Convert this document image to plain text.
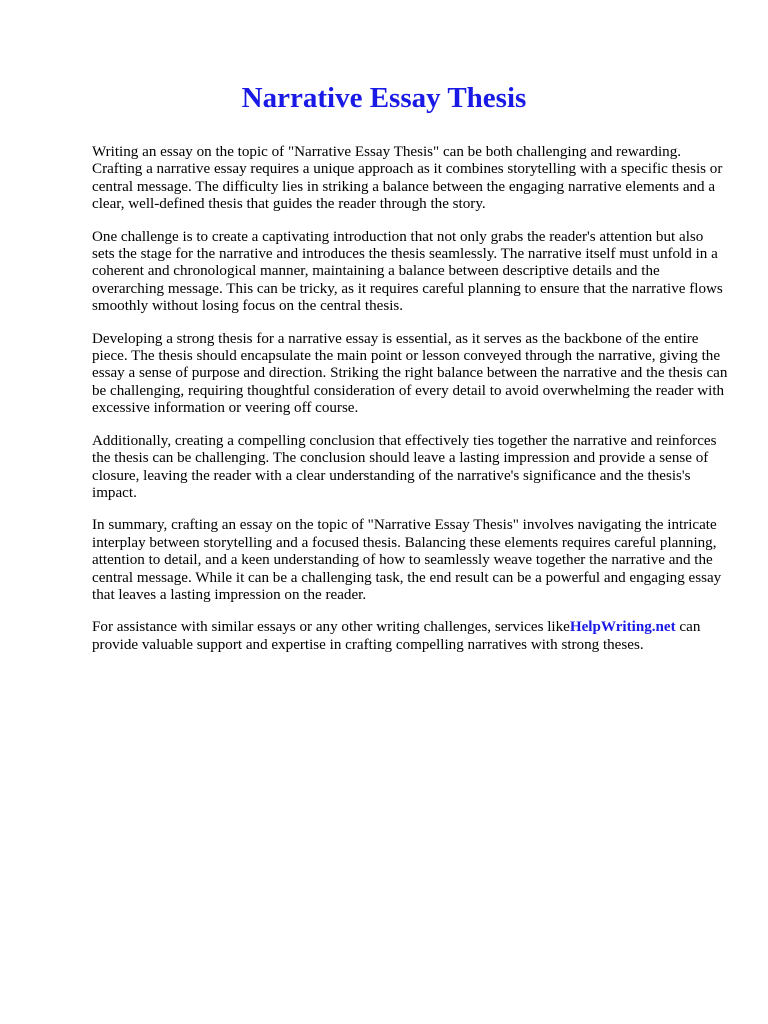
Narrative Essay Thesis

Writing an essay on the topic of "Narrative Essay Thesis" can be both challenging and rewarding. Crafting a narrative essay requires a unique approach as it combines storytelling with a specific thesis or central message. The difficulty lies in striking a balance between the engaging narrative elements and a clear, well-defined thesis that guides the reader through the story.

One challenge is to create a captivating introduction that not only grabs the reader's attention but also sets the stage for the narrative and introduces the thesis seamlessly. The narrative itself must unfold in a coherent and chronological manner, maintaining a balance between descriptive details and the overarching message. This can be tricky, as it requires careful planning to ensure that the narrative flows smoothly without losing focus on the central thesis.

Developing a strong thesis for a narrative essay is essential, as it serves as the backbone of the entire piece. The thesis should encapsulate the main point or lesson conveyed through the narrative, giving the essay a sense of purpose and direction. Striking the right balance between the narrative and the thesis can be challenging, requiring thoughtful consideration of every detail to avoid overwhelming the reader with excessive information or veering off course.

Additionally, creating a compelling conclusion that effectively ties together the narrative and reinforces the thesis can be challenging. The conclusion should leave a lasting impression and provide a sense of closure, leaving the reader with a clear understanding of the narrative's significance and the thesis's impact.

In summary, crafting an essay on the topic of "Narrative Essay Thesis" involves navigating the intricate interplay between storytelling and a focused thesis. Balancing these elements requires careful planning, attention to detail, and a keen understanding of how to seamlessly weave together the narrative and the central message. While it can be a challenging task, the end result can be a powerful and engaging essay that leaves a lasting impression on the reader.

For assistance with similar essays or any other writing challenges, services likeHelpWriting.net can provide valuable support and expertise in crafting compelling narratives with strong theses.
